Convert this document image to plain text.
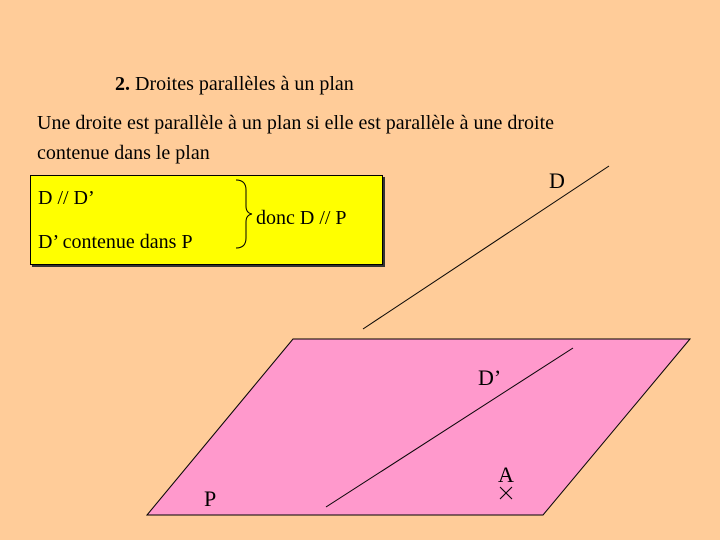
2. Droites parallèles à un plan
Une droite est parallèle à un plan si elle est parallèle à une droite
contenue dans le plan
D // D’
D’ contenue dans P
donc D // P
D
D’
A
P
